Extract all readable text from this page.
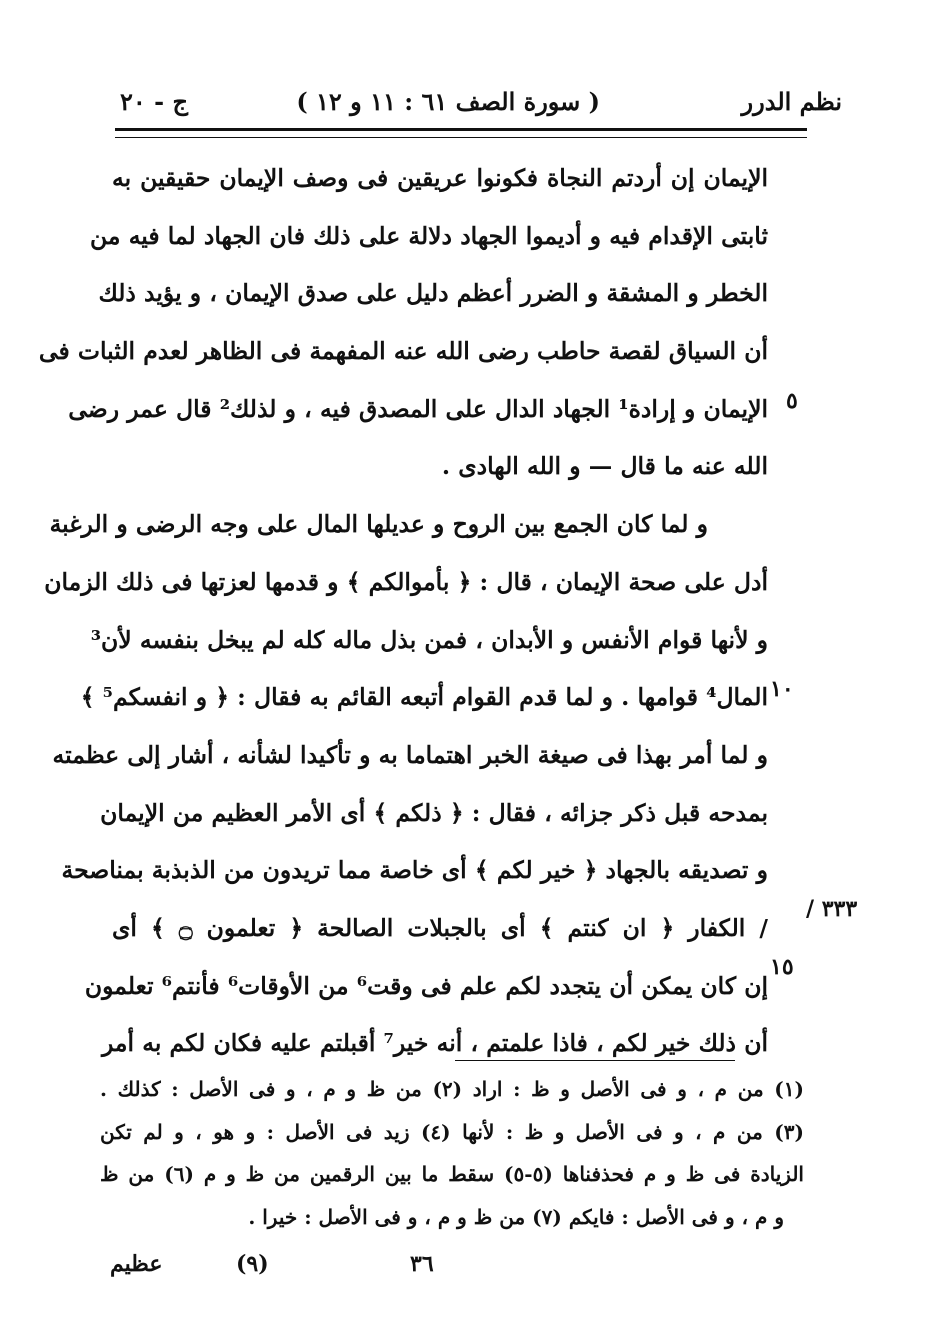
نظم الدرر
( سورة الصف ٦١ : ١١ و ١٢ )
ج - ٢٠
الإيمان إن أردتم النجاة فكونوا عريقين فى وصف الإيمان حقيقين به
ثابتى الإقدام فيه و أديموا الجهاد دلالة على ذلك فان الجهاد لما فيه من
الخطر و المشقة و الضرر أعظم دليل على صدق الإيمان ، و يؤيد ذلك
أن السياق لقصة حاطب رضى الله عنه المفهمة فى الظاهر لعدم الثبات فى
الإيمان و إرادة¹ الجهاد الدال على المصدق فيه ، و لذلك² قال عمر رضى
الله عنه ما قال — و الله الهادى .
و لما كان الجمع بين الروح و عديلها المال على وجه الرضى و الرغبة
أدل على صحة الإيمان ، قال : ﴿ بأموالكم ﴾ و قدمها لعزتها فى ذلك الزمان
و لأنها قوام الأنفس و الأبدان ، فمن بذل ماله كله لم يبخل بنفسه لأن³
المال⁴ قوامها . و لما قدم القوام أتبعه القائم به فقال : ﴿ و انفسكم⁵ ﴾
و لما أمر بهذا فى صيغة الخبر اهتماما به و تأكيدا لشأنه ، أشار إلى عظمته
بمدحه قبل ذكر جزائه ، فقال : ﴿ ذلكم ﴾ أى الأمر العظيم من الإيمان
و تصديقه بالجهاد ﴿ خير لكم ﴾ أى خاصة مما تريدون من الذبذبة بمناصحة
/ الكفار ﴿ ان كنتم ﴾ أى بالجبلات الصالحة ﴿ تعلمون ۝ ﴾ أى
إن كان يمكن أن يتجدد لكم علم فى وقت⁶ من الأوقات⁶ فأنتم⁶ تعلمون
أن ذلك خير لكم ، فاذا علمتم ، أنه خير⁷ أقبلتم عليه فكان لكم به أمر
٥
١٠
١٥
٣٣٣ /
(١) من م ، و فى الأصل و ظ : اراد (٢) من ظ و م ، و فى الأصل : كذلك .
(٣) من م ، و فى الأصل و ظ : لأنها (٤) زيد فى الأصل : و هو ، و لم تكن
الزيادة فى ظ و م فحذفناها (٥-٥) سقط ما بين الرقمين من ظ و م (٦) من ظ
و م ، و فى الأصل : فايكم (٧) من ظ و م ، و فى الأصل : خيرا .
٣٦
(٩)
عظيم
